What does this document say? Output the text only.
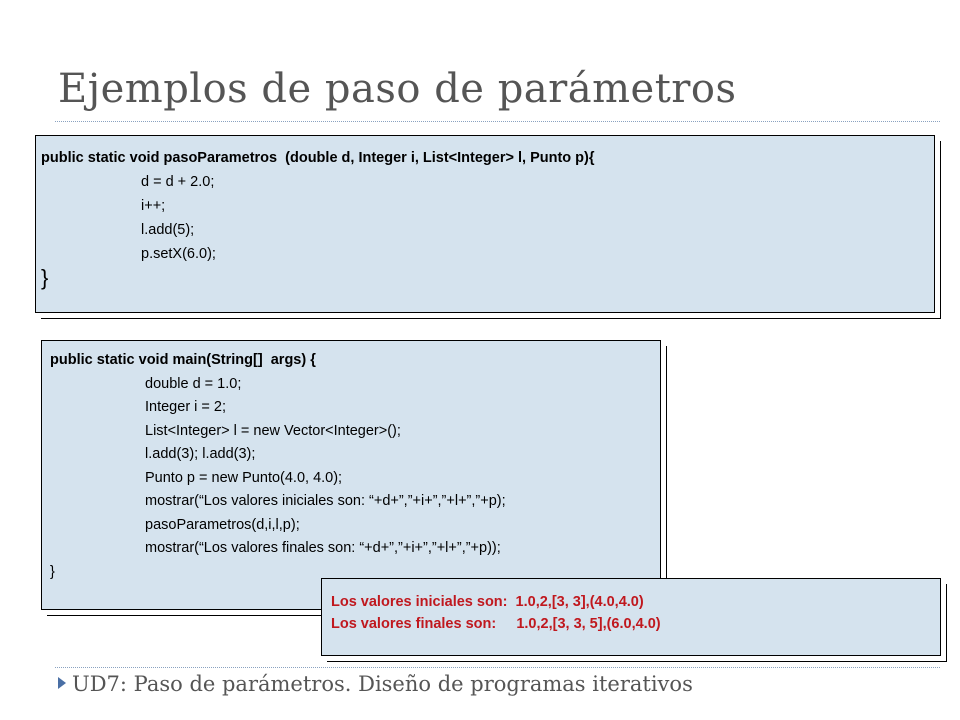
Ejemplos de paso de parámetros
public static void pasoParametros  (double d, Integer i, List<Integer> l, Punto p){
d = d + 2.0;
i++;
l.add(5);
p.setX(6.0);
}
public static void main(String[]  args) {
double d = 1.0;
Integer i = 2;
List<Integer> l = new Vector<Integer>();
l.add(3); l.add(3);
Punto p = new Punto(4.0, 4.0);
mostrar(“Los valores iniciales son: “+d+”,”+i+”,”+l+”,”+p);
pasoParametros(d,i,l,p);
mostrar(“Los valores finales son: “+d+”,”+i+”,”+l+”,”+p));
}
Los valores iniciales son:  1.0,2,[3, 3],(4.0,4.0)
Los valores finales son:     1.0,2,[3, 3, 5],(6.0,4.0)
UD7: Paso de parámetros. Diseño de programas iterativos
